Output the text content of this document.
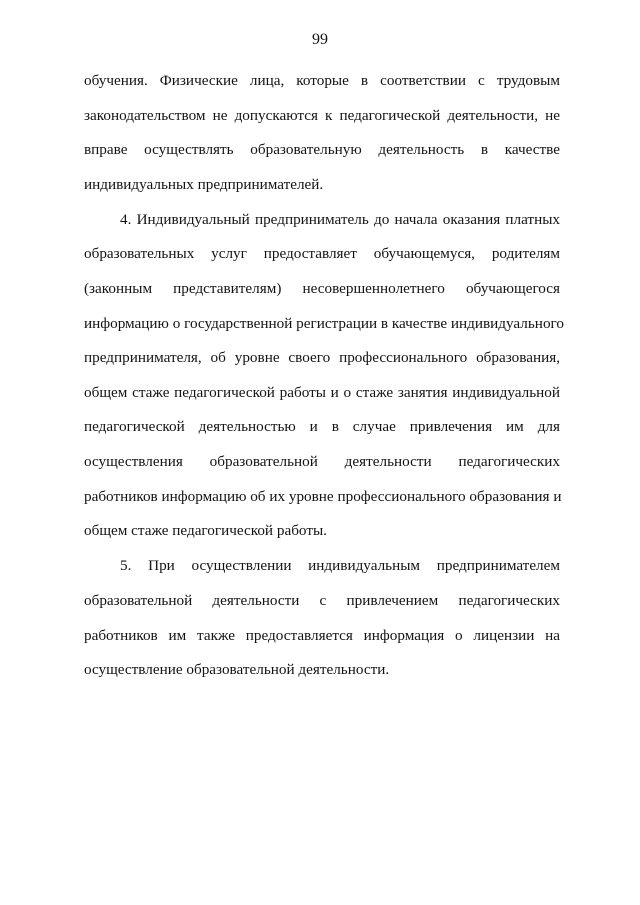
99
обучения. Физические лица, которые в соответствии с трудовым
законодательством не допускаются к педагогической деятельности, не
вправе осуществлять образовательную деятельность в качестве
индивидуальных предпринимателей.
4. Индивидуальный предприниматель до начала оказания платных
образовательных услуг предоставляет обучающемуся, родителям
(законным представителям) несовершеннолетнего обучающегося
информацию о государственной регистрации в качестве индивидуального
предпринимателя, об уровне своего профессионального образования,
общем стаже педагогической работы и о стаже занятия индивидуальной
педагогической деятельностью и в случае привлечения им для
осуществления образовательной деятельности педагогических
работников информацию об их уровне профессионального образования и
общем стаже педагогической работы.
5. При осуществлении индивидуальным предпринимателем
образовательной деятельности с привлечением педагогических
работников им также предоставляется информация о лицензии на
осуществление образовательной деятельности.
